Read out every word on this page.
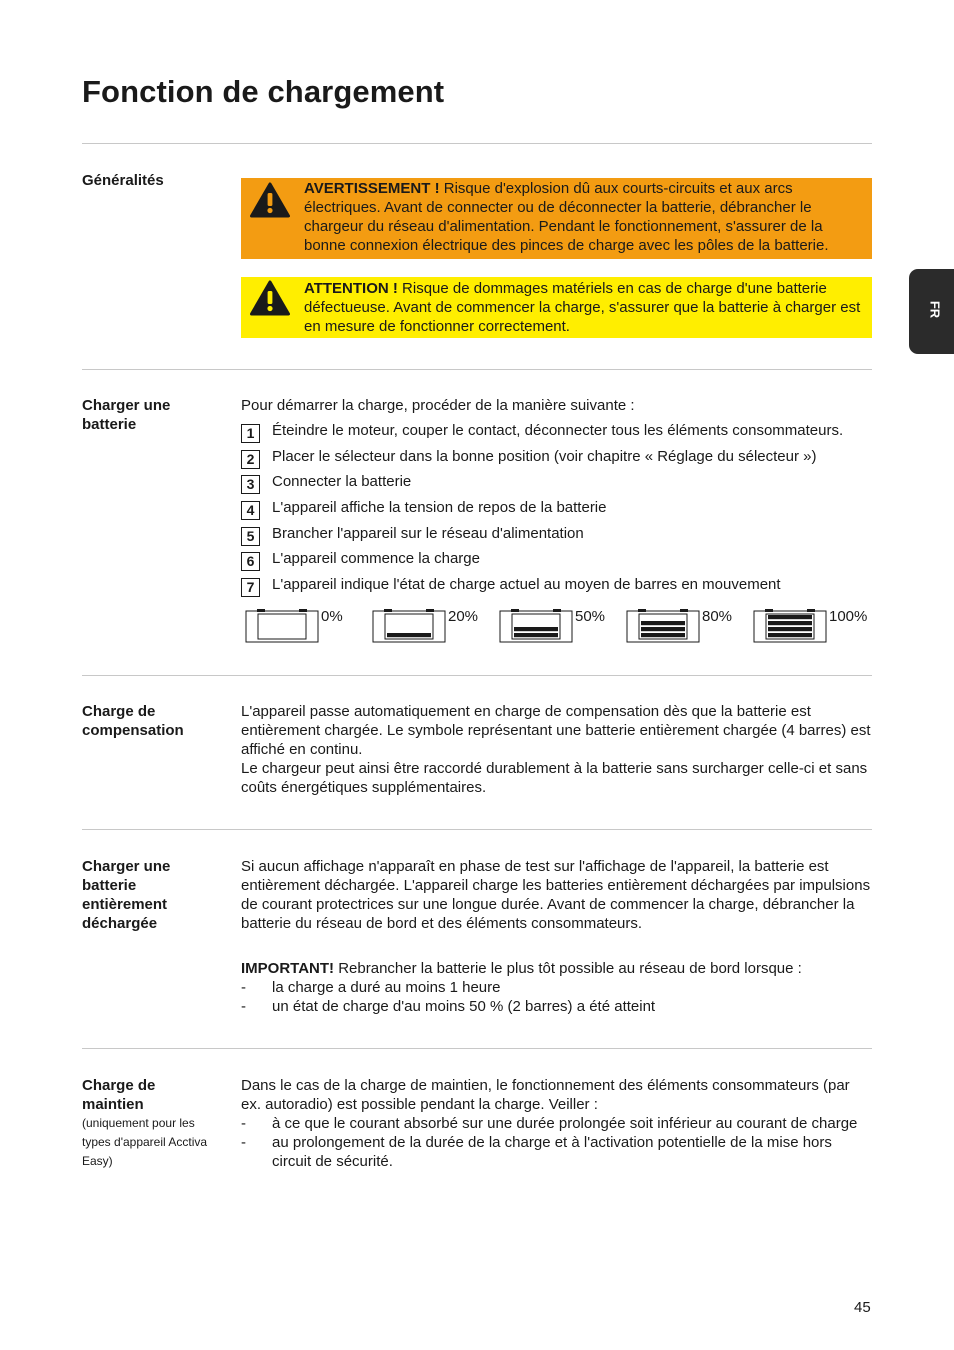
Fonction de chargement
FR
Généralités	AVERTISSEMENT ! Risque d'explosion dû aux courts-circuits et aux arcs électriques. Avant de connecter ou de déconnecter la batterie, débrancher le chargeur du réseau d'alimentation. Pendant le fonctionnement, s'assurer de la bonne connexion électrique des pinces de charge avec les pôles de la batterie.
ATTENTION ! Risque de dommages matériels en cas de charge d'une batterie défectueuse. Avant de commencer la charge, s'assurer que la batterie à charger est en mesure de fonctionner correctement.
Charger une batterie

Pour démarrer la charge, procéder de la manière suivante :

1	Éteindre le moteur, couper le contact, déconnecter tous les éléments consommateurs.
2	Placer le sélecteur dans la bonne position (voir chapitre « Réglage du sélecteur »)
3	Connecter la batterie
4	L'appareil affiche la tension de repos de la batterie
5	Brancher l'appareil sur le réseau d'alimentation
6	L'appareil commence la charge
7	L'appareil indique l'état de charge actuel au moyen de barres en mouvement
0%	20%	50%	80%	100%
Charge de compensation

L'appareil passe automatiquement en charge de compensation dès que la batterie est entièrement chargée. Le symbole représentant une batterie entièrement chargée (4 barres) est affiché en continu.

Le chargeur peut ainsi être raccordé durablement à la batterie sans surcharger celle-ci et sans coûts énergétiques supplémentaires.

Charger une batterie entièrement déchargée

Si aucun affichage n'apparaît en phase de test sur l'affichage de l'appareil, la batterie est entièrement déchargée. L'appareil charge les batteries entièrement déchargées par impulsions de courant protectrices sur une longue durée. Avant de commencer la charge, débrancher la batterie du réseau de bord et des éléments consommateurs.

IMPORTANT! Rebrancher la batterie le plus tôt possible au réseau de bord lorsque :

- la charge a duré au moins 1 heure
- un état de charge d'au moins 50 % (2 barres) a été atteint
Charge de maintien
(uniquement pour les types d'appareil Acctiva Easy)

Dans le cas de la charge de maintien, le fonctionnement des éléments consommateurs (par ex. autoradio) est possible pendant la charge. Veiller :

- à ce que le courant absorbé sur une durée prolongée soit inférieur au courant de charge
- au prolongement de la durée de la charge et à l'activation potentielle de la mise hors circuit de sécurité.
45
